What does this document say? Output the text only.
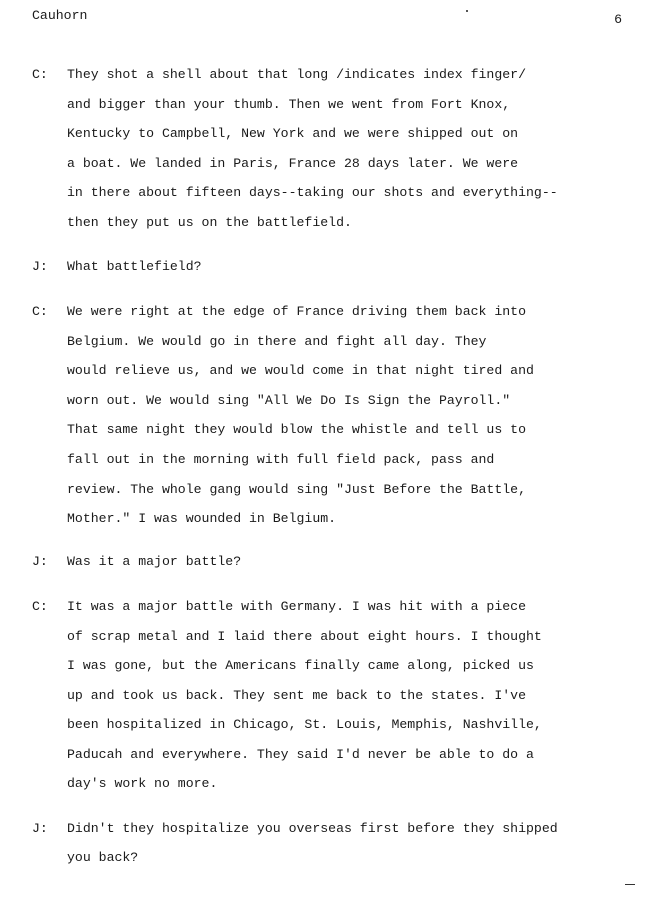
Cauhorn	6
C:	They shot a shell about that long /indicates index finger/
and bigger than your thumb. Then we went from Fort Knox,
Kentucky to Campbell, New York and we were shipped out on
a boat. We landed in Paris, France 28 days later. We were
in there about fifteen days--taking our shots and everything--
then they put us on the battlefield.
J:	What battlefield?
C:	We were right at the edge of France driving them back into
Belgium. We would go in there and fight all day. They
would relieve us, and we would come in that night tired and
worn out. We would sing "All We Do Is Sign the Payroll."
That same night they would blow the whistle and tell us to
fall out in the morning with full field pack, pass and
review. The whole gang would sing "Just Before the Battle,
Mother." I was wounded in Belgium.
J:	Was it a major battle?
C:	It was a major battle with Germany. I was hit with a piece
of scrap metal and I laid there about eight hours. I thought
I was gone, but the Americans finally came along, picked us
up and took us back. They sent me back to the states. I've
been hospitalized in Chicago, St. Louis, Memphis, Nashville,
Paducah and everywhere. They said I'd never be able to do a
day's work no more.
J:	Didn't they hospitalize you overseas first before they shipped
you back?
